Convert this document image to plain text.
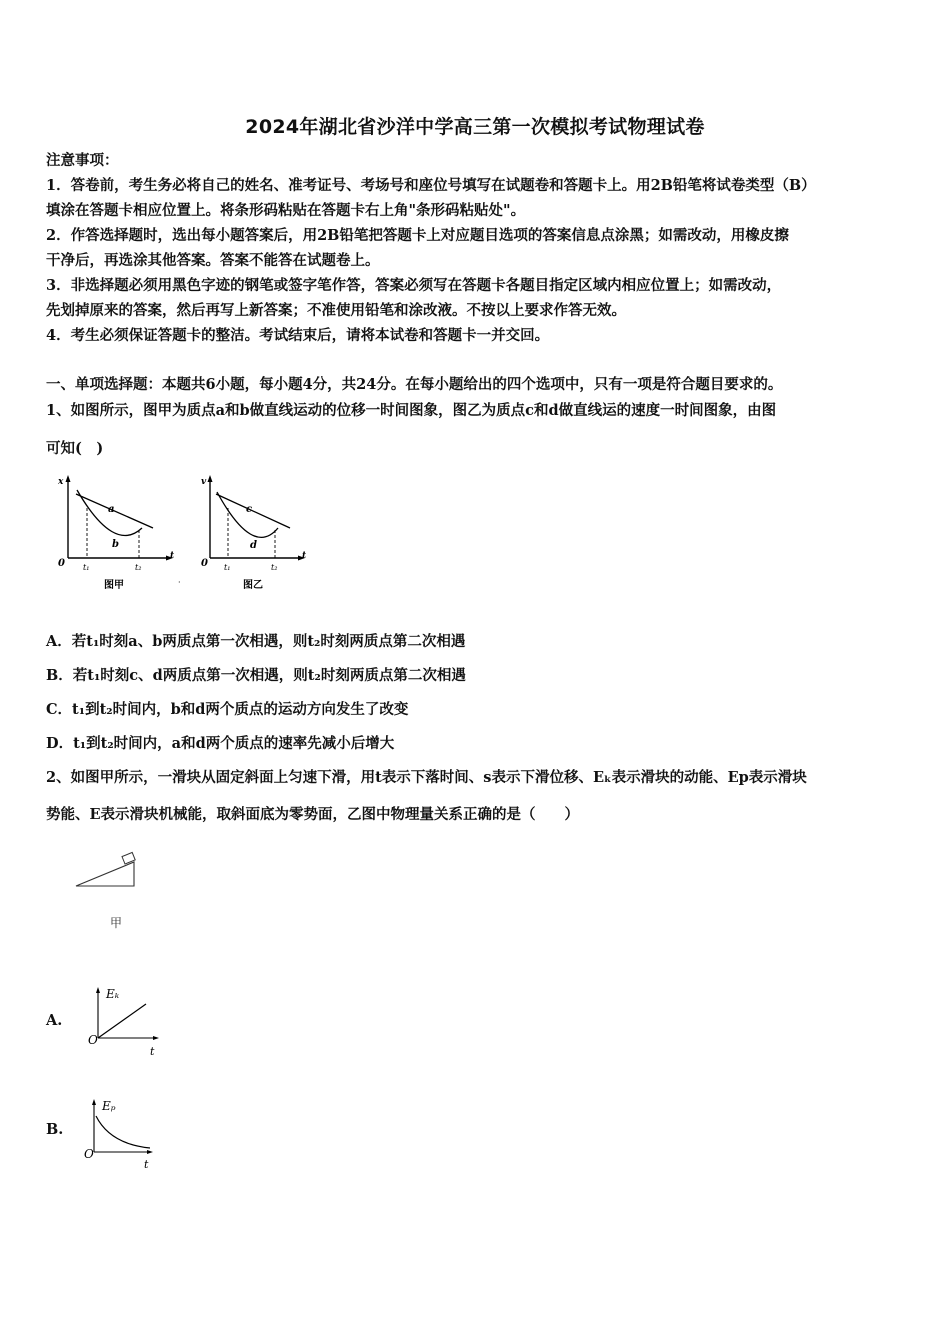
2024年湖北省沙洋中学高三第一次模拟考试物理试卷
注意事项：
1．答卷前，考生务必将自己的姓名、准考证号、考场号和座位号填写在试题卷和答题卡上。用2B铅笔将试卷类型（B）
填涂在答题卡相应位置上。将条形码粘贴在答题卡右上角"条形码粘贴处"。
2．作答选择题时，选出每小题答案后，用2B铅笔把答题卡上对应题目选项的答案信息点涂黑；如需改动，用橡皮擦
干净后，再选涂其他答案。答案不能答在试题卷上。
3．非选择题必须用黑色字迹的钢笔或签字笔作答，答案必须写在答题卡各题目指定区域内相应位置上；如需改动，
先划掉原来的答案，然后再写上新答案；不准使用铅笔和涂改液。不按以上要求作答无效。
4．考生必须保证答题卡的整洁。考试结束后，请将本试卷和答题卡一并交回。
一、单项选择题：本题共6小题，每小题4分，共24分。在每小题给出的四个选项中，只有一项是符合题目要求的。
1、如图所示，图甲为质点a和b做直线运动的位移一时间图象，图乙为质点c和d做直线运的速度一时间图象，由图
可知(　)
x
0
t
a
b
t₁	t₂
图甲	·
v
0
t
c
d
t₁	t₂
图乙
A．若t₁时刻a、b两质点第一次相遇，则t₂时刻两质点第二次相遇
B．若t₁时刻c、d两质点第一次相遇，则t₂时刻两质点第二次相遇
C．t₁到t₂时间内，b和d两个质点的运动方向发生了改变
D．t₁到t₂时间内，a和d两个质点的速率先减小后增大
2、如图甲所示，一滑块从固定斜面上匀速下滑，用t表示下落时间、s表示下滑位移、Eₖ表示滑块的动能、Ep表示滑块
势能、E表示滑块机械能，取斜面底为零势面，乙图中物理量关系正确的是（　　）
甲
A.
Eₖ
O
t
B.
Eₚ
O
t
